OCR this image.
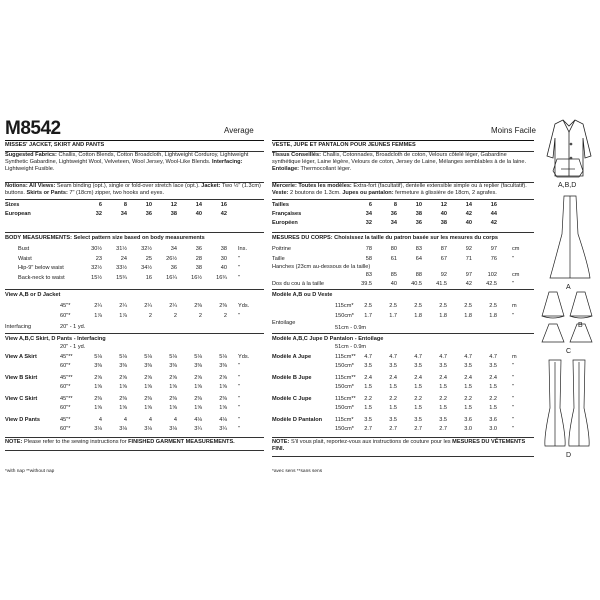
M8542	Average
MISSES' JACKET, SKIRT AND PANTS
Suggested Fabrics: Challis, Cotton Blends, Cotton Broadcloth, Lightweight Corduroy, Lightweight Synthetic Gabardine, Lightweight Wool, Velveteen, Wool Jersey, Wool-Like Blends. Interfacing: Lightweight Fusible.
Notions: All Views: Seam binding (opt.), single or fold-over stretch lace (opt.). Jacket: Two ½" (1.3cm) buttons. Skirts or Pants: 7" (18cm) zipper, two hooks and eyes.
Sizes	6	8	10	12	14	16
European	32	34	36	38	40	42
BODY MEASUREMENTS: Select pattern size based on body measurements
Bust	30½	31½	32½	34	36	38 Ins.
Waist	23	24	25	26½	28	30 "
Hip-9" below waist	32½	33½	34½	36	38	40 "
Back-neck to waist	15½	15¾	16	16¼	16½	16¾ "
View A,B or D Jacket
45"*	2¼	2¼	2¼	2¼	2⅜	2⅜ Yds.
60"*	1⅞	1⅞	2	2	2	2 "
Interfacing	20" - 1 yd.
View A,B,C Skirt, D Pants - Interfacing
20" - 1 yd.
View A Skirt	45"**	5⅛	5⅛	5⅛	5⅛	5⅛	5⅛ Yds.
60"*	3⅜	3⅜	3⅜	3⅜	3⅜	3⅜ "
View B Skirt	45"**	2⅝	2⅝	2⅝	2⅝	2⅝	2⅝ "
60"*	1⅝	1⅝	1⅝	1⅝	1⅝	1⅝ "
View C Skirt	45"**	2⅜	2⅜	2⅜	2⅜	2⅜	2⅜ "
60"*	1⅝	1⅝	1⅝	1⅝	1⅝	1⅝ "
View D Pants	45"*	4	4	4	4	4⅛	4⅛ "
60"*	3⅛	3⅛	3⅛	3⅛	3¼	3¼ "
NOTE: Please refer to the sewing instructions for FINISHED GARMENT MEASUREMENTS.
*with nap **without nap
Moins Facile
VESTE, JUPE ET PANTALON POUR JEUNES FEMMES
Tissus Conseillés: Challis, Cotonnades, Broadcloth de coton, Velours côtelé léger, Gabardine synthétique léger, Laine légère, Velours de coton, Jersey de Laine, Mélanges semblables à de la laine. Entoilage: Thermocollant léger.
Mercerie: Toutes les modèles: Extra-fort (facultatif), dentelle extensible simple ou à replier (facultatif). Veste: 2 boutons de 1.3cm. Jupes ou pantalon: fermeture à glissière de 18cm, 2 agrafes.
Tailles	6	8	10	12	14	16
Françaises	34	36	38	40	42	44
Européen	32	34	36	38	40	42
MESURES DU CORPS: Choisissez la taille du patron basée sur les mesures du corps
Poitrine	78	80	83	87	92	97	cm
Taille	58	61	64	67	71	76	"
Hanches (23cm au-dessous de la taille)
83	85	88	92	97	102	cm
Dos du cou à la taille	39.5	40	40.5	41.5	42	42.5	"
Modèle A,B ou D Veste
115cm*	2.5	2.5	2.5	2.5	2.5	2.5	m
150cm*	1.7	1.7	1.8	1.8	1.8	1.8	"
Entoilage
51cm - 0.9m
Modèle A,B,C Jupe D Pantalon - Entoilage
51cm - 0.9m
Modèle A Jupe	115cm**	4.7	4.7	4.7	4.7	4.7	4.7	m
150cm*	3.5	3.5	3.5	3.5	3.5	3.5	"
Modèle B Jupe	115cm**	2.4	2.4	2.4	2.4	2.4	2.4	"
150cm*	1.5	1.5	1.5	1.5	1.5	1.5	"
Modèle C Jupe	115cm**	2.2	2.2	2.2	2.2	2.2	2.2	"
150cm*	1.5	1.5	1.5	1.5	1.5	1.5	"
Modèle D Pantalon 115cm*	3.5	3.5	3.5	3.5	3.6	3.6	"
150cm*	2.7	2.7	2.7	2.7	3.0	3.0	"
NOTE: S'il vous plait, reportez-vous aux instructions de couture pour les MESURES DU VÊTEMENTS FINI.
*avec sens **sans sens
A,B,D
A
B
C
D
